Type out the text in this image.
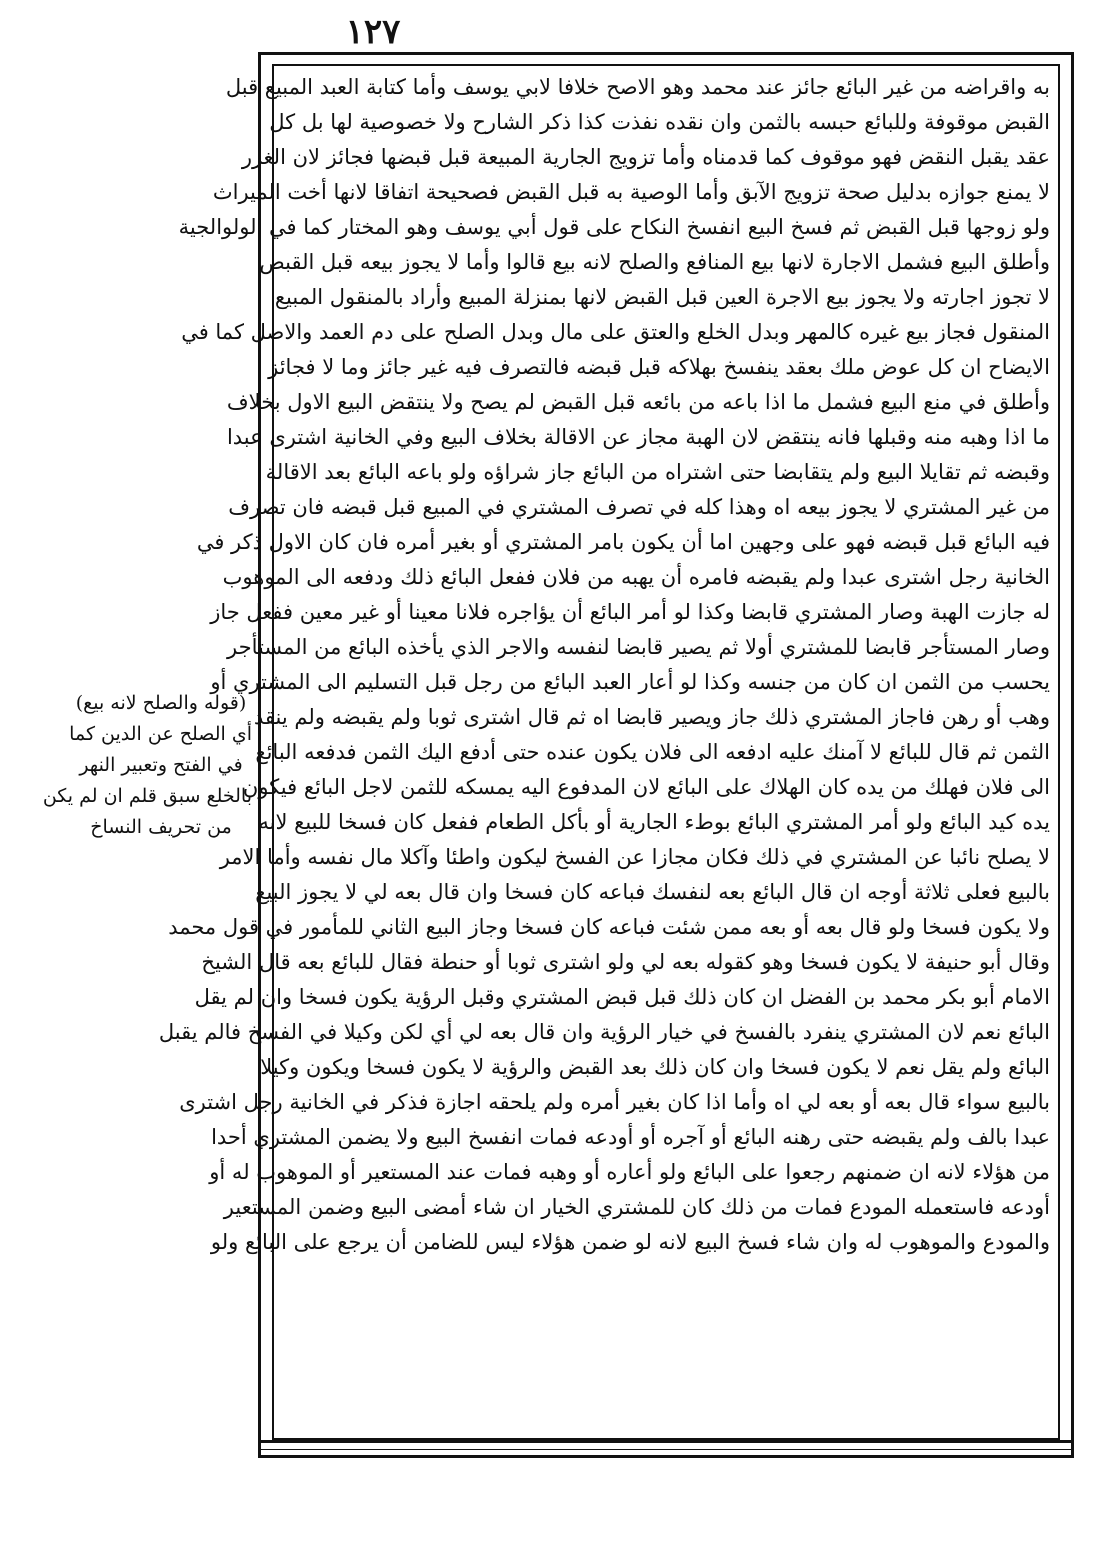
١٢٧
به واقراضه من غير البائع جائز عند محمد وهو الاصح خلافا لابي يوسف وأما كتابة العبد المبيع قبل
القبض موقوفة وللبائع حبسه بالثمن وان نقده نفذت كذا ذكر الشارح ولا خصوصية لها بل كل
عقد يقبل النقض فهو موقوف كما قدمناه وأما تزويج الجارية المبيعة قبل قبضها فجائز لان الغرر
لا يمنع جوازه بدليل صحة تزويج الآبق وأما الوصية به قبل القبض فصحيحة اتفاقا لانها أخت الميراث
ولو زوجها قبل القبض ثم فسخ البيع انفسخ النكاح على قول أبي يوسف وهو المختار كما في الولوالجية
وأطلق البيع فشمل الاجارة لانها بيع المنافع والصلح لانه بيع قالوا وأما لا يجوز بيعه قبل القبض
لا تجوز اجارته ولا يجوز بيع الاجرة العين قبل القبض لانها بمنزلة المبيع وأراد بالمنقول المبيع
المنقول فجاز بيع غيره كالمهر وبدل الخلع والعتق على مال وبدل الصلح على دم العمد والاصل كما في
الايضاح ان كل عوض ملك بعقد ينفسخ بهلاكه قبل قبضه فالتصرف فيه غير جائز وما لا فجائز
وأطلق في منع البيع فشمل ما اذا باعه من بائعه قبل القبض لم يصح ولا ينتقض البيع الاول بخلاف
ما اذا وهبه منه وقبلها فانه ينتقض لان الهبة مجاز عن الاقالة بخلاف البيع وفي الخانية اشترى عبدا
وقبضه ثم تقايلا البيع ولم يتقابضا حتى اشتراه من البائع جاز شراؤه ولو باعه البائع بعد الاقالة
من غير المشتري لا يجوز بيعه اه وهذا كله في تصرف المشتري في المبيع قبل قبضه فان تصرف
فيه البائع قبل قبضه فهو على وجهين اما أن يكون بامر المشتري أو بغير أمره فان كان الاول ذكر في
الخانية رجل اشترى عبدا ولم يقبضه فامره أن يهبه من فلان ففعل البائع ذلك ودفعه الى الموهوب
له جازت الهبة وصار المشتري قابضا وكذا لو أمر البائع أن يؤاجره فلانا معينا أو غير معين ففعل جاز
وصار المستأجر قابضا للمشتري أولا ثم يصير قابضا لنفسه والاجر الذي يأخذه البائع من المستأجر
يحسب من الثمن ان كان من جنسه وكذا لو أعار العبد البائع من رجل قبل التسليم الى المشتري أو
وهب أو رهن فاجاز المشتري ذلك جاز ويصير قابضا اه ثم قال اشترى ثوبا ولم يقبضه ولم ينقد
الثمن ثم قال للبائع لا آمنك عليه ادفعه الى فلان يكون عنده حتى أدفع اليك الثمن فدفعه البائع
الى فلان فهلك من يده كان الهلاك على البائع لان المدفوع اليه يمسكه للثمن لاجل البائع فيكون
يده كيد البائع ولو أمر المشتري البائع بوطء الجارية أو بأكل الطعام ففعل كان فسخا للبيع لانه
لا يصلح نائبا عن المشتري في ذلك فكان مجازا عن الفسخ ليكون واطئا وآكلا مال نفسه وأما الامر
بالبيع فعلى ثلاثة أوجه ان قال البائع بعه لنفسك فباعه كان فسخا وان قال بعه لي لا يجوز البيع
ولا يكون فسخا ولو قال بعه أو بعه ممن شئت فباعه كان فسخا وجاز البيع الثاني للمأمور في قول محمد
وقال أبو حنيفة لا يكون فسخا وهو كقوله بعه لي ولو اشترى ثوبا أو حنطة فقال للبائع بعه قال الشيخ
الامام أبو بكر محمد بن الفضل ان كان ذلك قبل قبض المشتري وقبل الرؤية يكون فسخا وان لم يقل
البائع نعم لان المشتري ينفرد بالفسخ في خيار الرؤية وان قال بعه لي أي لكن وكيلا في الفسخ فالم يقبل
البائع ولم يقل نعم لا يكون فسخا وان كان ذلك بعد القبض والرؤية لا يكون فسخا ويكون وكيلا
بالبيع سواء قال بعه أو بعه لي اه وأما اذا كان بغير أمره ولم يلحقه اجازة فذكر في الخانية رجل اشترى
عبدا بالف ولم يقبضه حتى رهنه البائع أو آجره أو أودعه فمات انفسخ البيع ولا يضمن المشتري أحدا
من هؤلاء لانه ان ضمنهم رجعوا على البائع ولو أعاره أو وهبه فمات عند المستعير أو الموهوب له أو
أودعه فاستعمله المودع فمات من ذلك كان للمشتري الخيار ان شاء أمضى البيع وضمن المستعير
والمودع والموهوب له وان شاء فسخ البيع لانه لو ضمن هؤلاء ليس للضامن أن يرجع على البائع ولو
(قوله والصلح لانه بيع)
أي الصلح عن الدين كما
في الفتح وتعبير النهر
بالخلع سبق قلم ان لم يكن
من تحريف النساخ
